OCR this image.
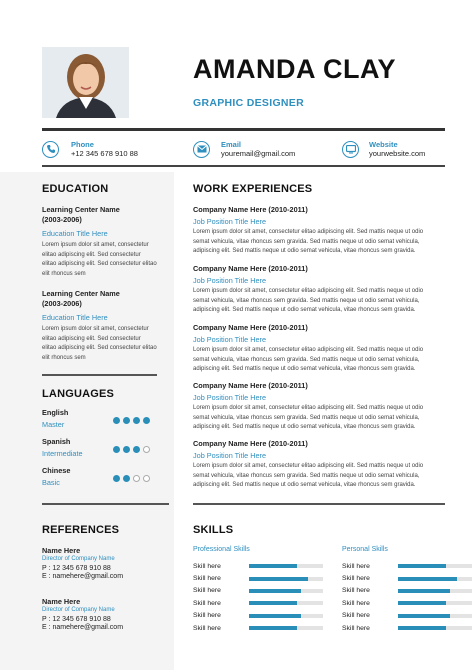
AMANDA CLAY
GRAPHIC DESIGNER
Phone
+12 345 678 910 88
Email
youremail@gmail.com
Website
yourwebsite.com
EDUCATION
Learning Center Name
(2003-2006)
Education Title Here
Lorem ipsum dolor sit amet, consectetur
elitao adipiscing elit. Sed consectetur
elitao adipiscing elit. Sed consectetur elitao
elit rhoncus sem
Learning Center Name
(2003-2006)
Education Title Here
Lorem ipsum dolor sit amet, consectetur
elitao adipiscing elit. Sed consectetur
elitao adipiscing elit. Sed consectetur elitao
elit rhoncus sem
LANGUAGES
English
Master
Spanish
Intermediate
Chinese
Basic
REFERENCES
Name Here
Director of Company Name
P : 12 345 678 910 88
E : namehere@gmail.com
Name Here
Director of Company Name
P : 12 345 678 910 88
E : namehere@gmail.com
WORK EXPERIENCES
Company Name Here (2010-2011)
Job Position Title Here
Lorem ipsum dolor sit amet, consectetur elitao adipiscing elit. Sed mattis neque ut odio
semat vehicula, vitae rhoncus sem gravida. Sed mattis neque ut odio semat vehicula,
adipiscing elit. Sed mattis neque ut odio semat vehicula, vitae rhoncus sem gravida.
Company Name Here (2010-2011)
Job Position Title Here
Lorem ipsum dolor sit amet, consectetur elitao adipiscing elit. Sed mattis neque ut odio
semat vehicula, vitae rhoncus sem gravida. Sed mattis neque ut odio semat vehicula,
adipiscing elit. Sed mattis neque ut odio semat vehicula, vitae rhoncus sem gravida.
Company Name Here (2010-2011)
Job Position Title Here
Lorem ipsum dolor sit amet, consectetur elitao adipiscing elit. Sed mattis neque ut odio
semat vehicula, vitae rhoncus sem gravida. Sed mattis neque ut odio semat vehicula,
adipiscing elit. Sed mattis neque ut odio semat vehicula, vitae rhoncus sem gravida.
Company Name Here (2010-2011)
Job Position Title Here
Lorem ipsum dolor sit amet, consectetur elitao adipiscing elit. Sed mattis neque ut odio
semat vehicula, vitae rhoncus sem gravida. Sed mattis neque ut odio semat vehicula,
adipiscing elit. Sed mattis neque ut odio semat vehicula, vitae rhoncus sem gravida.
Company Name Here (2010-2011)
Job Position Title Here
Lorem ipsum dolor sit amet, consectetur elitao adipiscing elit. Sed mattis neque ut odio
semat vehicula, vitae rhoncus sem gravida. Sed mattis neque ut odio semat vehicula,
adipiscing elit. Sed mattis neque ut odio semat vehicula, vitae rhoncus sem gravida.
SKILLS
Professional Skills	Personal Skills
Skill here
Skill here
Skill here
Skill here
Skill here
Skill here
Skill here
Skill here
Skill here
Skill here
Skill here
Skill here
